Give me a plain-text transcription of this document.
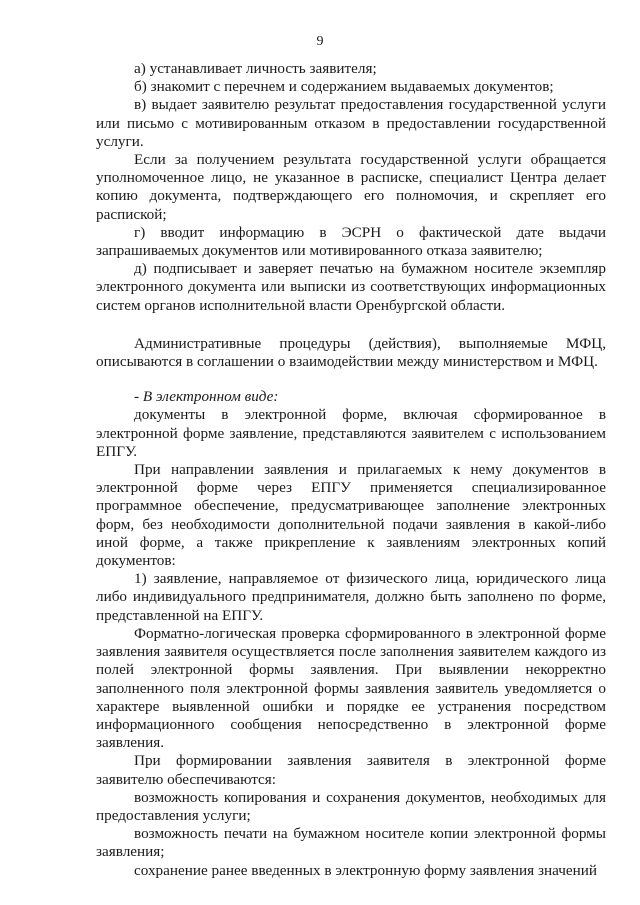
9

а) устанавливает личность заявителя;

б) знакомит с перечнем и содержанием выдаваемых документов;

в) выдает заявителю результат предоставления государственной услуги или письмо с мотивированным отказом в предоставлении государственной услуги.

Если за получением результата государственной услуги обращается уполномоченное лицо, не указанное в расписке, специалист Центра делает копию документа, подтверждающего его полномочия, и скрепляет его распиской;

г) вводит информацию в ЭСРН о фактической дате выдачи запрашиваемых документов или мотивированного отказа заявителю;

д) подписывает и заверяет печатью на бумажном носителе экземпляр электронного документа или выписки из соответствующих информационных систем органов исполнительной власти Оренбургской области.

Административные процедуры (действия), выполняемые МФЦ, описываются в соглашении о взаимодействии между министерством и МФЦ.

- В электронном виде:

документы в электронной форме, включая сформированное в электронной форме заявление, представляются заявителем с использованием ЕПГУ.

При направлении заявления и прилагаемых к нему документов в электронной форме через ЕПГУ применяется специализированное программное обеспечение, предусматривающее заполнение электронных форм, без необходимости дополнительной подачи заявления в какой-либо иной форме, а также прикрепление к заявлениям электронных копий документов:

1) заявление, направляемое от физического лица, юридического лица либо индивидуального предпринимателя, должно быть заполнено по форме, представленной на ЕПГУ.

Форматно-логическая проверка сформированного в электронной форме заявления заявителя осуществляется после заполнения заявителем каждого из полей электронной формы заявления. При выявлении некорректно заполненного поля электронной формы заявления заявитель уведомляется о характере выявленной ошибки и порядке ее устранения посредством информационного сообщения непосредственно в электронной форме заявления.

При формировании заявления заявителя в электронной форме заявителю обеспечиваются:

возможность копирования и сохранения документов, необходимых для предоставления услуги;

возможность печати на бумажном носителе копии электронной формы заявления;

сохранение ранее введенных в электронную форму заявления значений
